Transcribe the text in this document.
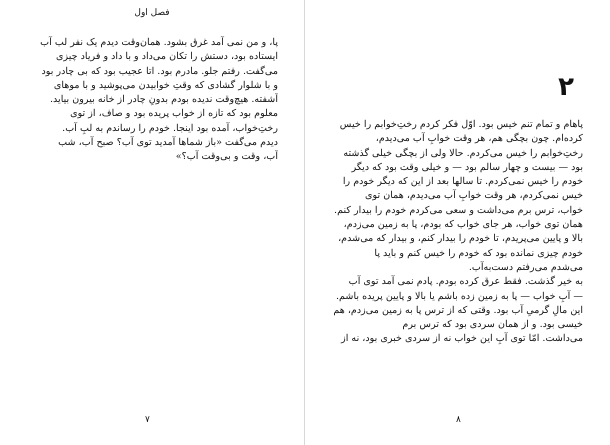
فصل اول

پا، و من نمی آمد غرق بشود. همان‌وقت دیدم یک نفر لب آب
ایستاده بود، دستش را تکان می‌داد و با داد و فریاد چیزی
می‌گفت. رفتم جلو. مادرم بود. اتا عجیب بود که بی چادر بود
و با شلوار گشادی که وقتِ خوابیدن می‌پوشید و با موهای
آشفته. هیچ‌وقت ندیده بودم بدونِ چادر از خانه بیرون بیاید.
معلوم بود که تازه از خواب پریده بود و صاف، از توی
رختِ‌خواب، آمده بود اینجا. خودم را رساندم به لبِ آب.
دیدم می‌گفت «باز شماها آمدید توی آب؟ صبح آب، شب
آب، وقت و بی‌وقت آب؟»

۷
۲

پاهام و تمام تنم خیس بود. اوّل فکر کردم رختِ‌خوابم را خیس
کرده‌ام. چون بچگی هم، هر وقت خوابِ آب می‌دیدم،
رختِ‌خوابم را خیس می‌کردم. حالا ولی از بچگی خیلی گذشته
بود — بیست و چهار سالم بود — و خیلی وقت بود که دیگر
خودم را خیس نمی‌کردم. تا سالها بعد از این که دیگر خودم را
خیس نمی‌کردم، هر وقت خوابِ آب می‌دیدم، همان توی
خواب، ترس برم می‌داشت و سعی می‌کردم خودم را بیدار کنم.
همان توی خواب، هر جای خواب که بودم، پا به زمین می‌زدم،
بالا و پایین می‌پریدم، تا خودم را بیدار کنم، و بیدار که می‌شدم،
خودم چیزی نمانده بود که خودم را خیس کنم و باید پا
می‌شدم می‌رفتم دست‌به‌آب.

به خیر گذشت. فقط عرق کرده بودم. پادم نمی آمد توی آب
— آبِ خواب — پا به زمین زده باشم یا بالا و پایین پریده باشم.
این مالِ گرمیِ آب بود. وقتی که از ترس پا به زمین می‌زدم، هم
خیسی بود. و از همان سردی بود که ترس برم
می‌داشت. امّا توی آبِ این خواب نه از سردی خبری بود، نه از

۸
